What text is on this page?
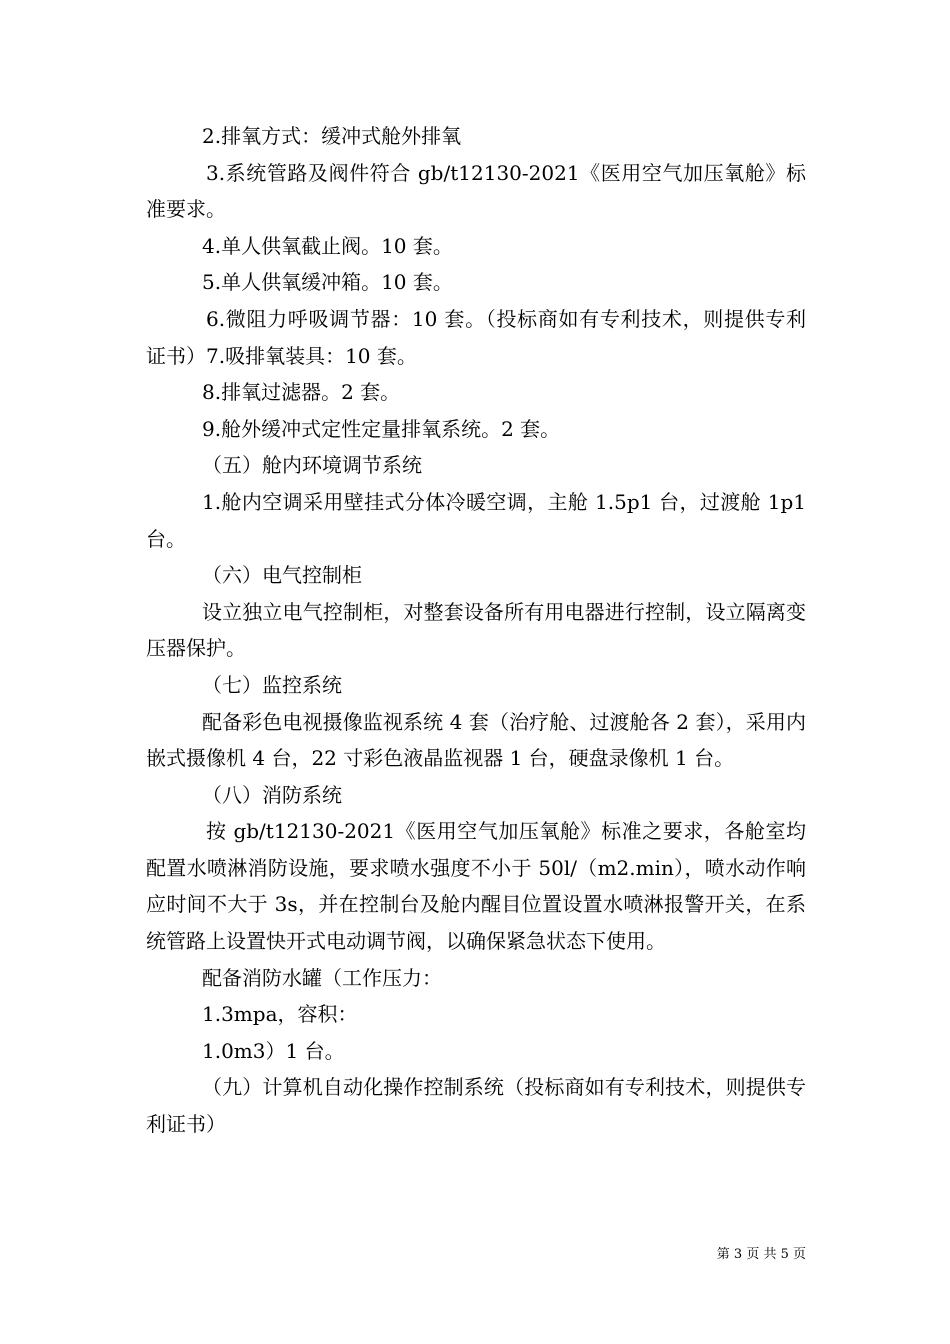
2.排氧方式：缓冲式舱外排氧

3.系统管路及阀件符合 gb/t12130-2021《医用空气加压氧舱》标准要求。

4.单人供氧截止阀。10 套。

5.单人供氧缓冲箱。10 套。

6.微阻力呼吸调节器：10 套。（投标商如有专利技术，则提供专利证书）7.吸排氧装具：10 套。

8.排氧过滤器。2 套。

9.舱外缓冲式定性定量排氧系统。2 套。

（五）舱内环境调节系统

1.舱内空调采用壁挂式分体冷暖空调，主舱 1.5p1 台，过渡舱 1p1 台。

（六）电气控制柜

设立独立电气控制柜，对整套设备所有用电器进行控制，设立隔离变压器保护。

（七）监控系统

配备彩色电视摄像监视系统 4 套（治疗舱、过渡舱各 2 套），采用内嵌式摄像机 4 台，22 寸彩色液晶监视器 1 台，硬盘录像机 1 台。

（八）消防系统

按 gb/t12130-2021《医用空气加压氧舱》标准之要求，各舱室均配置水喷淋消防设施，要求喷水强度不小于 50l/（m2.min），喷水动作响应时间不大于 3s，并在控制台及舱内醒目位置设置水喷淋报警开关，在系统管路上设置快开式电动调节阀，以确保紧急状态下使用。

配备消防水罐（工作压力：

1.3mpa，容积：

1.0m3）1 台。

（九）计算机自动化操作控制系统（投标商如有专利技术，则提供专利证书）

第 3 页 共 5 页
